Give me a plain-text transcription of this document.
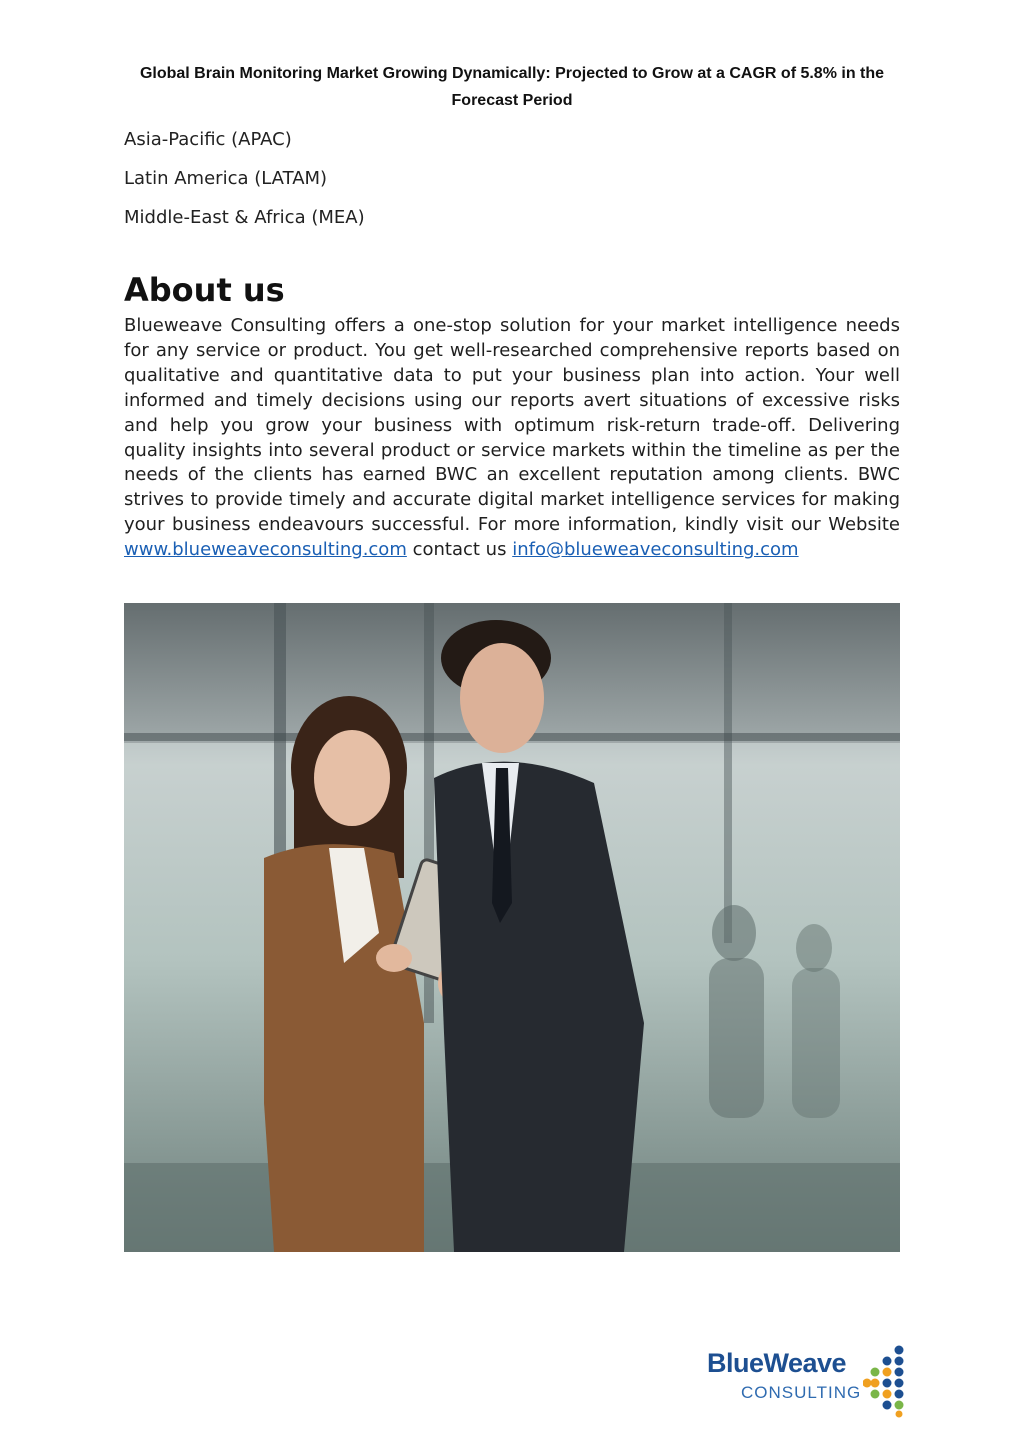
Global Brain Monitoring Market Growing Dynamically: Projected to Grow at a CAGR of 5.8% in the Forecast Period
Asia-Pacific (APAC)
Latin America (LATAM)
Middle-East & Africa (MEA)
About us

Blueweave Consulting offers a one-stop solution for your market intelligence needs for any service or product. You get well-researched comprehensive reports based on qualitative and quantitative data to put your business plan into action. Your well informed and timely decisions using our reports avert situations of excessive risks and help you grow your business with optimum risk-return trade-off. Delivering quality insights into several product or service markets within the timeline as per the needs of the clients has earned BWC an excellent reputation among clients. BWC strives to provide timely and accurate digital market intelligence services for making your business endeavours successful. For more information, kindly visit our Website www.blueweaveconsulting.com contact us info@blueweaveconsulting.com

BlueWeave
CONSULTING
